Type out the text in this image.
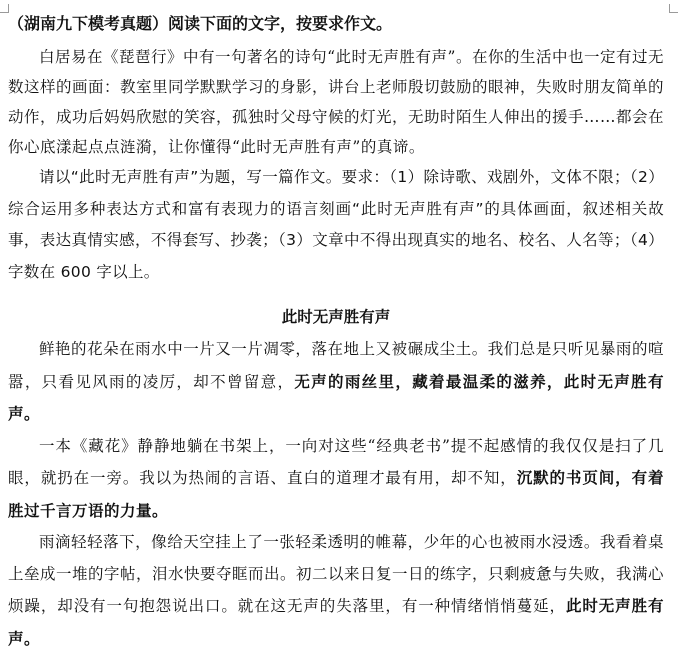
（湖南九下模考真题）阅读下面的文字，按要求作文。

白居易在《琵琶行》中有一句著名的诗句“此时无声胜有声”。在你的生活中也一定有过无数这样的画面：教室里同学默默学习的身影，讲台上老师殷切鼓励的眼神，失败时朋友简单的动作，成功后妈妈欣慰的笑容，孤独时父母守候的灯光，无助时陌生人伸出的援手……都会在你心底漾起点点涟漪，让你懂得“此时无声胜有声”的真谛。

请以“此时无声胜有声”为题，写一篇作文。要求：（1）除诗歌、戏剧外，文体不限；（2）综合运用多种表达方式和富有表现力的语言刻画“此时无声胜有声”的具体画面，叙述相关故事，表达真情实感，不得套写、抄袭；（3）文章中不得出现真实的地名、校名、人名等；（4）字数在 600 字以上。

此时无声胜有声

鲜艳的花朵在雨水中一片又一片凋零，落在地上又被碾成尘土。我们总是只听见暴雨的喧嚣，只看见风雨的凌厉，却不曾留意，无声的雨丝里，藏着最温柔的滋养，此时无声胜有声。

一本《藏花》静静地躺在书架上，一向对这些“经典老书”提不起感情的我仅仅是扫了几眼，就扔在一旁。我以为热闹的言语、直白的道理才最有用，却不知，沉默的书页间，有着胜过千言万语的力量。

雨滴轻轻落下，像给天空挂上了一张轻柔透明的帷幕，少年的心也被雨水浸透。我看着桌上垒成一堆的字帖，泪水快要夺眶而出。初二以来日复一日的练字，只剩疲惫与失败，我满心烦躁，却没有一句抱怨说出口。就在这无声的失落里，有一种情绪悄悄蔓延，此时无声胜有声。
